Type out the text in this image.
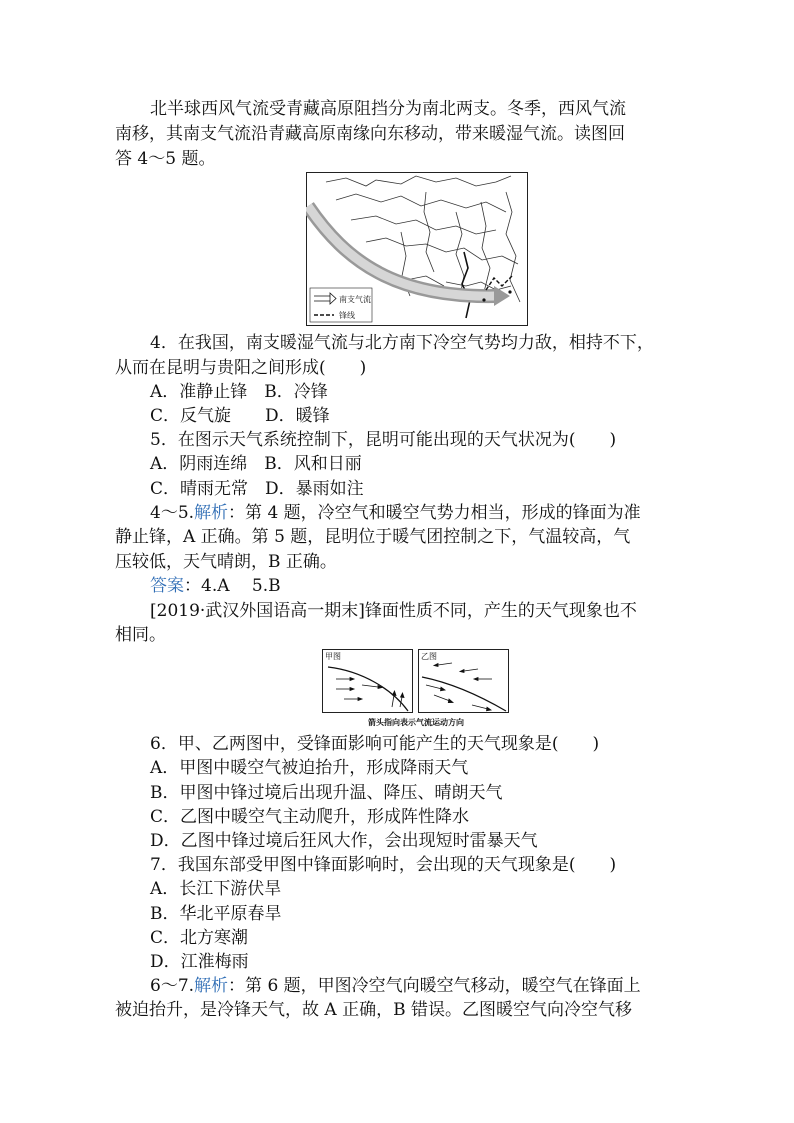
北半球西风气流受青藏高原阻挡分为南北两支。冬季，西风气流
南移，其南支气流沿青藏高原南缘向东移动，带来暖湿气流。读图回
答 4～5 题。
南支气流
锋线
4．在我国，南支暖湿气流与北方南下冷空气势均力敌，相持不下，
从而在昆明与贵阳之间形成(　　)
A．准静止锋　B．冷锋
C．反气旋　　D．暖锋
5．在图示天气系统控制下，昆明可能出现的天气状况为(　　)
A．阴雨连绵　B．风和日丽
C．晴雨无常　D．暴雨如注
4～5.解析：第 4 题，冷空气和暖空气势力相当，形成的锋面为准
静止锋，A 正确。第 5 题，昆明位于暖气团控制之下，气温较高，气
压较低，天气晴朗，B 正确。
答案：4.A　 5.B
[2019·武汉外国语高一期末]锋面性质不同，产生的天气现象也不
相同。
甲图	乙图
箭头指向表示气流运动方向
6．甲、乙两图中，受锋面影响可能产生的天气现象是(　　)
A．甲图中暖空气被迫抬升，形成降雨天气
B．甲图中锋过境后出现升温、降压、晴朗天气
C．乙图中暖空气主动爬升，形成阵性降水
D．乙图中锋过境后狂风大作，会出现短时雷暴天气
7．我国东部受甲图中锋面影响时，会出现的天气现象是(　　)
A．长江下游伏旱
B．华北平原春旱
C．北方寒潮
D．江淮梅雨
6～7.解析：第 6 题，甲图冷空气向暖空气移动，暖空气在锋面上
被迫抬升，是冷锋天气，故 A 正确，B 错误。乙图暖空气向冷空气移
